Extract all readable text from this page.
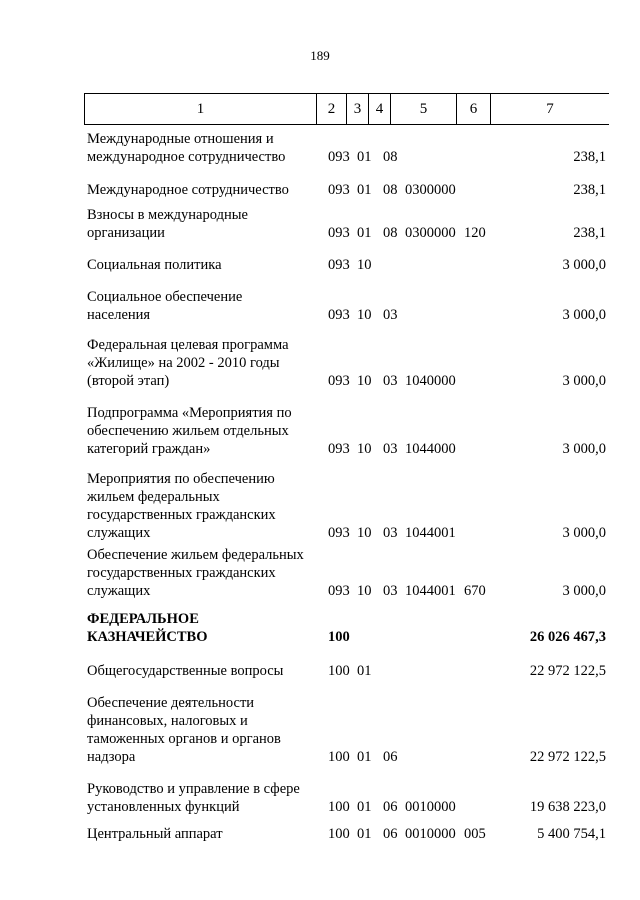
189
1	2	3 4	5	6	7
Международные отношения и
международное сотрудничество	093 01 08	238,1
Международное сотрудничество	093 01 08 0300000	238,1
Взносы в международные
организации	093 01 08 0300000 120	238,1
Социальная политика	093 10	3 000,0
Социальное обеспечение
населения	093 10 03	3 000,0
Федеральная целевая программа
«Жилище» на 2002 - 2010 годы
(второй этап)	093 10 03 1040000	3 000,0
Подпрограмма «Мероприятия по
обеспечению жильем отдельных
категорий граждан»	093 10 03 1044000	3 000,0
Мероприятия по обеспечению
жильем федеральных
государственных гражданских
служащих	093 10 03 1044001	3 000,0
Обеспечение жильем федеральных
государственных гражданских
служащих	093 10 03 1044001 670	3 000,0
ФЕДЕРАЛЬНОЕ
КАЗНАЧЕЙСТВО	100	26 026 467,3
Общегосударственные вопросы	100 01	22 972 122,5
Обеспечение деятельности
финансовых, налоговых и
таможенных органов и органов
надзора	100 01 06	22 972 122,5
Руководство и управление в сфере
установленных функций	100 01 06 0010000	19 638 223,0
Центральный аппарат	100 01 06 0010000 005	5 400 754,1
